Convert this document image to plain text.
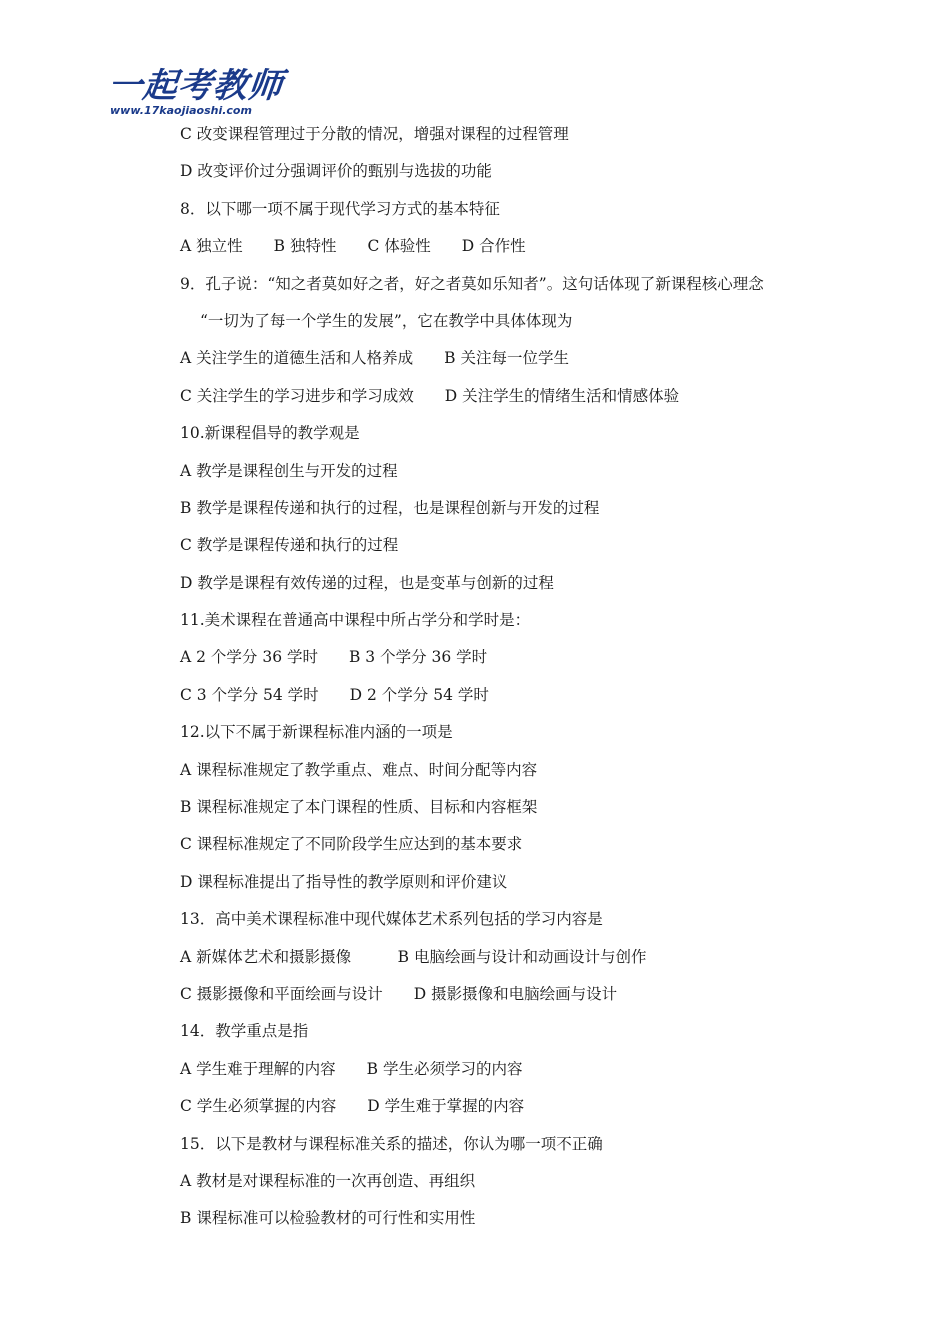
一起考教师
www.17kaojiaoshi.com
C 改变课程管理过于分散的情况，增强对课程的过程管理
D 改变评价过分强调评价的甄别与选拔的功能
8．以下哪一项不属于现代学习方式的基本特征
A 独立性　　B 独特性　　C 体验性　　D 合作性
9．孔子说：“知之者莫如好之者，好之者莫如乐知者”。这句话体现了新课程核心理念
“一切为了每一个学生的发展”，它在教学中具体体现为
A 关注学生的道德生活和人格养成　　B 关注每一位学生
C 关注学生的学习进步和学习成效　　D 关注学生的情绪生活和情感体验
10.新课程倡导的教学观是
A 教学是课程创生与开发的过程
B 教学是课程传递和执行的过程，也是课程创新与开发的过程
C 教学是课程传递和执行的过程
D 教学是课程有效传递的过程，也是变革与创新的过程
11.美术课程在普通高中课程中所占学分和学时是：
A 2 个学分 36 学时　　B 3 个学分 36 学时
C 3 个学分 54 学时　　D 2 个学分 54 学时
12.以下不属于新课程标准内涵的一项是
A 课程标准规定了教学重点、难点、时间分配等内容
B 课程标准规定了本门课程的性质、目标和内容框架
C 课程标准规定了不同阶段学生应达到的基本要求
D 课程标准提出了指导性的教学原则和评价建议
13．高中美术课程标准中现代媒体艺术系列包括的学习内容是
A 新媒体艺术和摄影摄像　　　B 电脑绘画与设计和动画设计与创作
C 摄影摄像和平面绘画与设计　　D 摄影摄像和电脑绘画与设计
14．教学重点是指
A 学生难于理解的内容　　B 学生必须学习的内容
C 学生必须掌握的内容　　D 学生难于掌握的内容
15．以下是教材与课程标准关系的描述，你认为哪一项不正确
A 教材是对课程标准的一次再创造、再组织
B 课程标准可以检验教材的可行性和实用性
